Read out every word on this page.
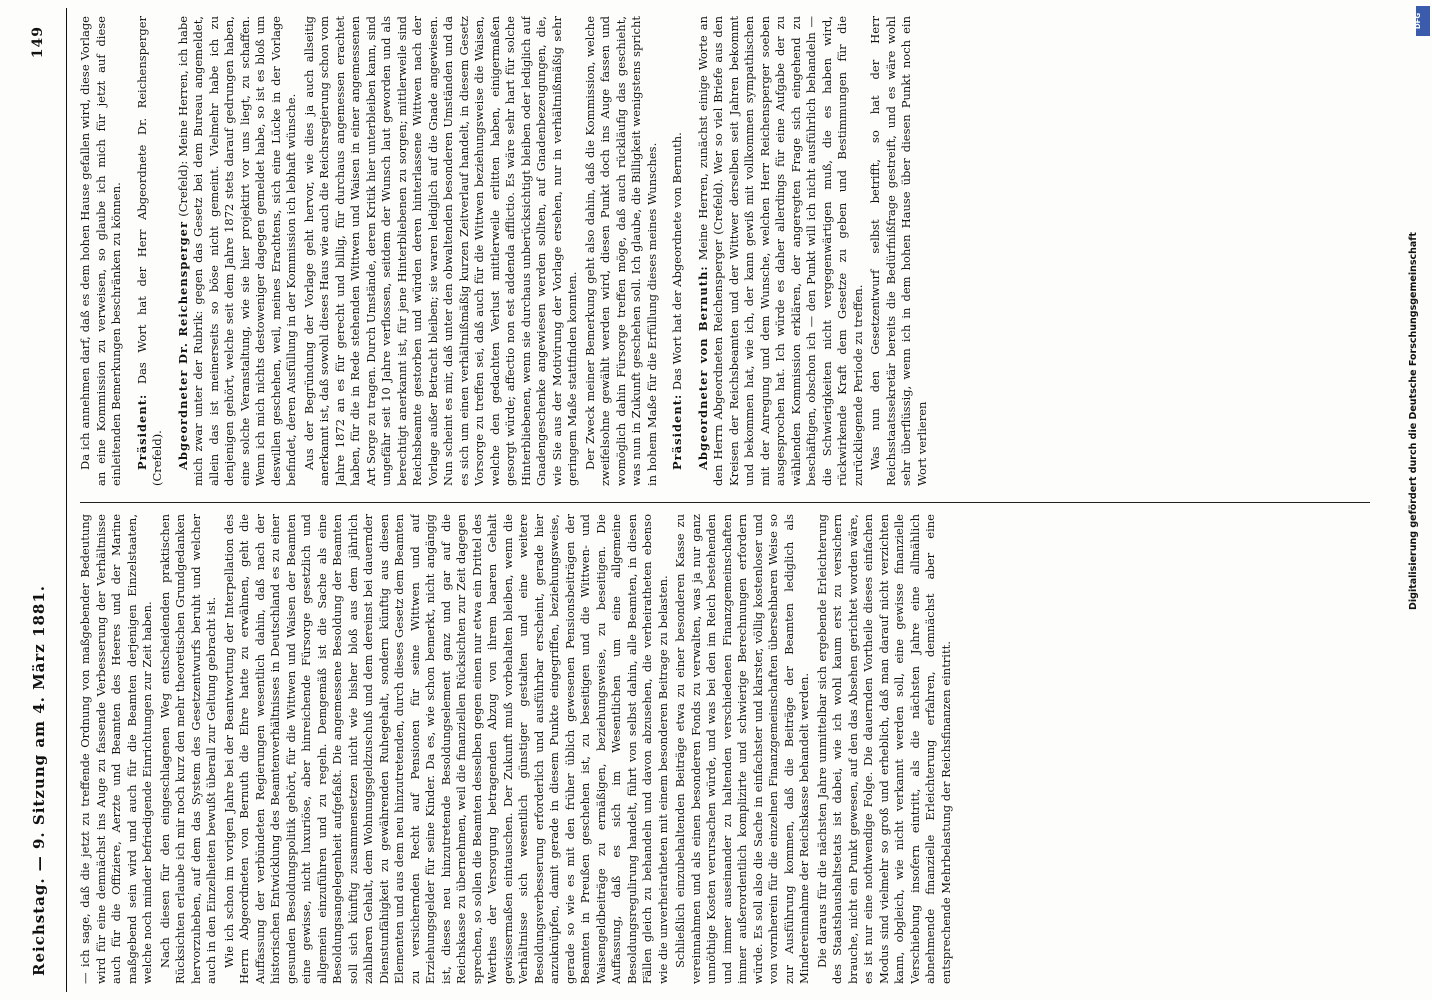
Reichstag. — 9. Sitzung am 4. März 1881.
149

— ich sage, daß die jetzt zu treffende Ordnung von maßgebender Bedeutung wird für eine demnächst ins Auge zu fassende Verbesserung der Verhältnisse auch für die Offiziere, Aerzte und Beamten des Heeres und der Marine maßgebend sein wird und auch für die Beamten derjenigen Einzelstaaten, welche noch minder befriedigende Einrichtungen zur Zeit haben. Nach diesen für den eingeschlagenen Weg entscheidenden praktischen Rücksichten erlaube ich mir noch kurz den mehr theoretischen Grundgedanken hervorzuheben, auf dem das System des Gesetzentwurfs beruht und welcher auch in den Einzelheiten bewußt überall zur Geltung gebracht ist. Wie ich schon im vorigen Jahre bei der Beantwortung der Interpellation des Herrn Abgeordneten von Bernuth die Ehre hatte zu erwähnen, geht die Auffassung der verbündeten Regierungen wesentlich dahin, daß nach der historischen Entwicklung des Beamtenverhältnisses in Deutschland es zu einer gesunden Besoldungspolitik gehört, für die Wittwen und Waisen der Beamten eine gewisse, nicht luxuriöse, aber hinreichende Fürsorge gesetzlich und allgemein einzuführen und zu regeln. Demgemäß ist die Sache als eine Besoldungsangelegenheit aufgefaßt. Die angemessene Besoldung der Beamten soll sich künftig zusammensetzen nicht wie bisher bloß aus dem jährlich zahlbaren Gehalt, dem Wohnungsgeldzuschuß und dem dereinst bei dauernder Dienstunfähigkeit zu gewährenden Ruhegehalt, sondern künftig aus diesen Elementen und aus dem neu hinzutretenden, durch dieses Gesetz dem Beamten zu versichernden Recht auf Pensionen für seine Wittwen und auf Erziehungsgelder für seine Kinder. Da es, wie schon bemerkt, nicht angängig ist, dieses neu hinzutretende Besoldungselement ganz und gar auf die Reichskasse zu übernehmen, weil die finanziellen Rücksichten zur Zeit dagegen sprechen, so sollen die Beamten desselben gegen einen nur etwa ein Drittel des Werthes der Versorgung betragenden Abzug von ihrem baaren Gehalt gewissermaßen eintauschen. Der Zukunft muß vorbehalten bleiben, wenn die Verhältnisse sich wesentlich günstiger gestalten und eine weitere Besoldungsverbesserung erforderlich und ausführbar erscheint, gerade hier anzuknüpfen, damit gerade in diesem Punkte eingegriffen, beziehungsweise, gerade so wie es mit den früher üblich gewesenen Pensionsbeiträgen der Beamten in Preußen geschehen ist, zu beseitigen und die Wittwen- und Waisengeldbeiträge zu ermäßigen, beziehungsweise, zu beseitigen. Die Auffassung, daß es sich im Wesentlichen um eine allgemeine Besoldungsregulirung handelt, führt von selbst dahin, alle Beamten, in diesen Fällen gleich zu behandeln und davon abzusehen, die verheiratheten ebenso wie die unverheiratheten mit einem besonderen Beitrage zu belasten. Schließlich einzubehaltenden Beiträge etwa zu einer besonderen Kasse zu vereinnahmen und als einen besonderen Fonds zu verwalten, was ja nur ganz unnöthige Kosten verursachen würde, und was bei den im Reich bestehenden und immer auseinander zu haltenden verschiedenen Finanzgemeinschaften immer außerordentlich komplizirte und schwierige Berechnungen erfordern würde. Es soll also die Sache in einfachster und klarster, völlig kostenloser und von vornherein für die einzelnen Finanzgemeinschaften übersehbaren Weise so zur Ausführung kommen, daß die Beiträge der Beamten lediglich als Mindereinnahme der Reichskasse behandelt werden. Die daraus für die nächsten Jahre unmittelbar sich ergebende Erleichterung des Staatshaushaltsetats ist dabei, wie ich wohl kaum erst zu versichern brauche, nicht ein Punkt gewesen, auf den das Absehen gerichtet worden wäre, es ist nur eine nothwendige Folge. Die dauernden Vortheile dieses einfachen Modus sind vielmehr so groß und erheblich, daß man darauf nicht verzichten kann, obgleich, wie nicht verkannt werden soll, eine gewisse finanzielle Verschiebung insofern eintritt, als die nächsten Jahre eine allmählich abnehmende finanzielle Erleichterung erfahren, demnächst aber eine entsprechende Mehrbelastung der Reichsfinanzen eintritt.

Da ich annehmen darf, daß es dem hohen Hause gefallen wird, diese Vorlage an eine Kommission zu verweisen, so glaube ich mich für jetzt auf diese einleitenden Bemerkungen beschränken zu können. Präsident: Das Wort hat der Herr Abgeordnete Dr. Reichensperger (Crefeld). Abgeordneter Dr. Reichensperger (Crefeld): Meine Herren, ich habe mich zwar unter der Rubrik: gegen das Gesetz bei dem Bureau angemeldet, allein das ist meinerseits so böse nicht gemeint. Vielmehr habe ich zu denjenigen gehört, welche seit dem Jahre 1872 stets darauf gedrungen haben, eine solche Veranstaltung, wie sie hier projektirt vor uns liegt, zu schaffen. Wenn ich mich nichts destoweniger dagegen gemeldet habe, so ist es bloß um deswillen geschehen, weil, meines Erachtens, sich eine Lücke in der Vorlage befindet, deren Ausfüllung in der Kommission ich lebhaft wünsche. Aus der Begründung der Vorlage geht hervor, wie dies ja auch allseitig anerkannt ist, daß sowohl dieses Haus wie auch die Reichsregierung schon vom Jahre 1872 an es für gerecht und billig, für durchaus angemessen erachtet haben, für die in Rede stehenden Wittwen und Waisen in einer angemessenen Art Sorge zu tragen. Durch Umstände, deren Kritik hier unterbleiben kann, sind ungefähr seit 10 Jahre verflossen, seitdem der Wunsch laut geworden und als berechtigt anerkannt ist, für jene Hinterbliebenen zu sorgen; mittlerweile sind Reichsbeamte gestorben und würden deren hinterlassene Wittwen nach der Vorlage außer Betracht bleiben; sie waren lediglich auf die Gnade angewiesen. Nun scheint es mir, daß unter den obwaltenden besonderen Umständen und da es sich um einen verhältnißmäßig kurzen Zeitverlauf handelt, in diesem Gesetz Vorsorge zu treffen sei, daß auch für die Wittwen beziehungsweise die Waisen, welche den gedachten Verlust mittlerweile erlitten haben, einigermaßen gesorgt würde; affectio non est addenda afflictio. Es wäre sehr hart für solche Hinterbliebenen, wenn sie durchaus unberücksichtigt bleiben oder lediglich auf Gnadengeschenke angewiesen werden sollten, auf Gnadenbezeugungen, die, wie Sie aus der Motivirung der Vorlage ersehen, nur in verhältnißmäßig sehr geringem Maße stattfinden konnten. Der Zweck meiner Bemerkung geht also dahin, daß die Kommission, welche zweifelsohne gewählt werden wird, diesen Punkt doch ins Auge fassen und womöglich dahin Fürsorge treffen möge, daß auch rückläufig das geschieht, was nun in Zukunft geschehen soll. Ich glaube, die Billigkeit wenigstens spricht in hohem Maße für die Erfüllung dieses meines Wunsches. Präsident: Das Wort hat der Abgeordnete von Bernuth. Abgeordneter von Bernuth: Meine Herren, zunächst einige Worte an den Herrn Abgeordneten Reichensperger (Crefeld). Wer so viel Briefe aus den Kreisen der Reichsbeamten und der Wittwer derselben seit Jahren bekommt und bekommen hat, wie ich, der kann gewiß mit vollkommen sympathischen mit der Anregung und dem Wunsche, welchen Herr Reichensperger soeben ausgesprochen hat. Ich würde es daher allerdings für eine Aufgabe der zu wählenden Kommission erklären, der angeregten Frage sich eingehend zu beschäftigen, obschon ich — den Punkt will ich nicht ausführlich behandeln — die Schwierigkeiten nicht vergegenwärtigen muß, die es haben wird, rückwirkende Kraft dem Gesetze zu geben und Bestimmungen für die zurückliegende Periode zu treffen. Was nun den Gesetzentwurf selbst betrifft, so hat der Herr Reichsstaatssekretär bereits die Bedürfnißfrage gestreift, und es wäre wohl sehr überflüssig, wenn ich in dem hohen Hause über diesen Punkt noch ein Wort verlieren	Digitalisierung gefördert durch die Deutsche Forschungsgemeinschaft
DFG
